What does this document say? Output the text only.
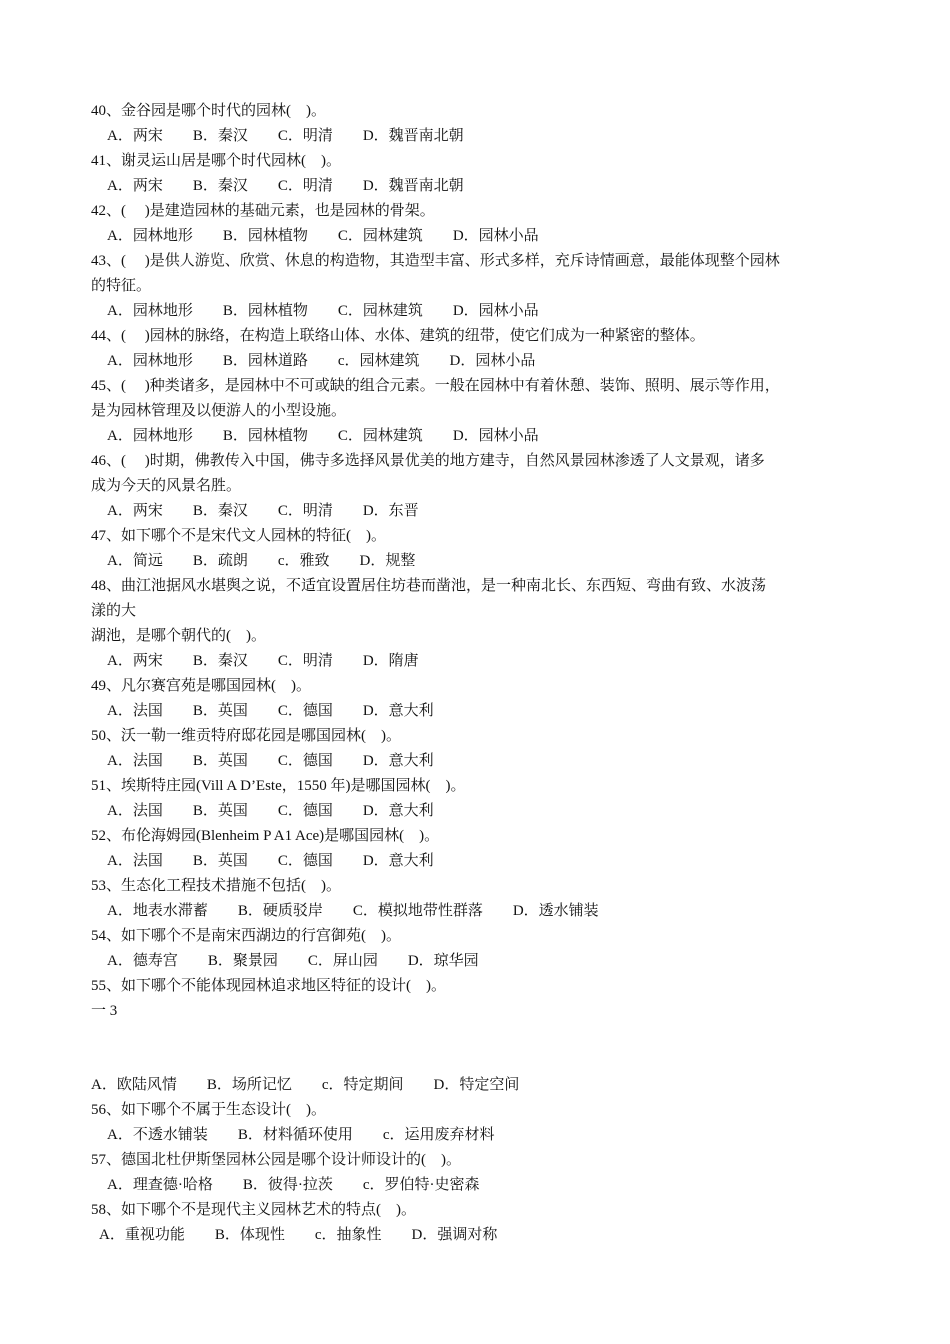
40、金谷园是哪个时代的园林(    )。
A．两宋        B．秦汉        C．明清        D．魏晋南北朝
41、谢灵运山居是哪个时代园林(    )。
A．两宋        B．秦汉        C．明清        D．魏晋南北朝
42、(     )是建造园林的基础元素，也是园林的骨架。
A．园林地形        B．园林植物        C．园林建筑        D．园林小品
43、(     )是供人游览、欣赏、休息的构造物，其造型丰富、形式多样，充斥诗情画意，最能体现整个园林
的特征。
A．园林地形        B．园林植物        C．园林建筑        D．园林小品
44、(     )园林的脉络，在构造上联络山体、水体、建筑的纽带，使它们成为一种紧密的整体。
A．园林地形        B．园林道路        c．园林建筑        D．园林小品
45、(     )种类诸多，是园林中不可或缺的组合元素。一般在园林中有着休憩、装饰、照明、展示等作用，
是为园林管理及以便游人的小型设施。
A．园林地形        B．园林植物        C．园林建筑        D．园林小品
46、(     )时期，佛教传入中国，佛寺多选择风景优美的地方建寺，自然风景园林渗透了人文景观，诸多
成为今天的风景名胜。
A．两宋        B．秦汉        C．明清        D．东晋
47、如下哪个不是宋代文人园林的特征(    )。
A．简远        B．疏朗        c．雅致        D．规整
48、曲江池据风水堪舆之说，不适宜设置居住坊巷而凿池，是一种南北长、东西短、弯曲有致、水波荡
漾的大
湖池，是哪个朝代的(    )。
A．两宋        B．秦汉        C．明清        D．隋唐
49、凡尔赛宫苑是哪国园林(    )。
A．法国        B．英国        C．德国        D．意大利
50、沃一勒一维贡特府邸花园是哪国园林(    )。
A．法国        B．英国        C．德国        D．意大利
51、埃斯特庄园(Vill A D’Este，1550 年)是哪国园林(    )。
A．法国        B．英国        C．德国        D．意大利
52、布伦海姆园(Blenheim P A1 Ace)是哪国园林(    )。
A．法国        B．英国        C．德国        D．意大利
53、生态化工程技术措施不包括(    )。
A．地表水滞蓄        B．硬质驳岸        C．模拟地带性群落        D．透水铺装
54、如下哪个不是南宋西湖边的行宫御苑(    )。
A．德寿宫        B．聚景园        C．屏山园        D．琼华园
55、如下哪个不能体现园林追求地区特征的设计(    )。
一 3
A．欧陆风情        B．场所记忆        c．特定期间        D．特定空间
56、如下哪个不属于生态设计(    )。
A．不透水铺装        B．材料循环使用        c．运用废弃材料
57、德国北杜伊斯堡园林公园是哪个设计师设计的(    )。
A．理查德·哈格        B．彼得·拉茨        c．罗伯特·史密森
58、如下哪个不是现代主义园林艺术的特点(    )。
A．重视功能        B．体现性        c．抽象性        D．强调对称
